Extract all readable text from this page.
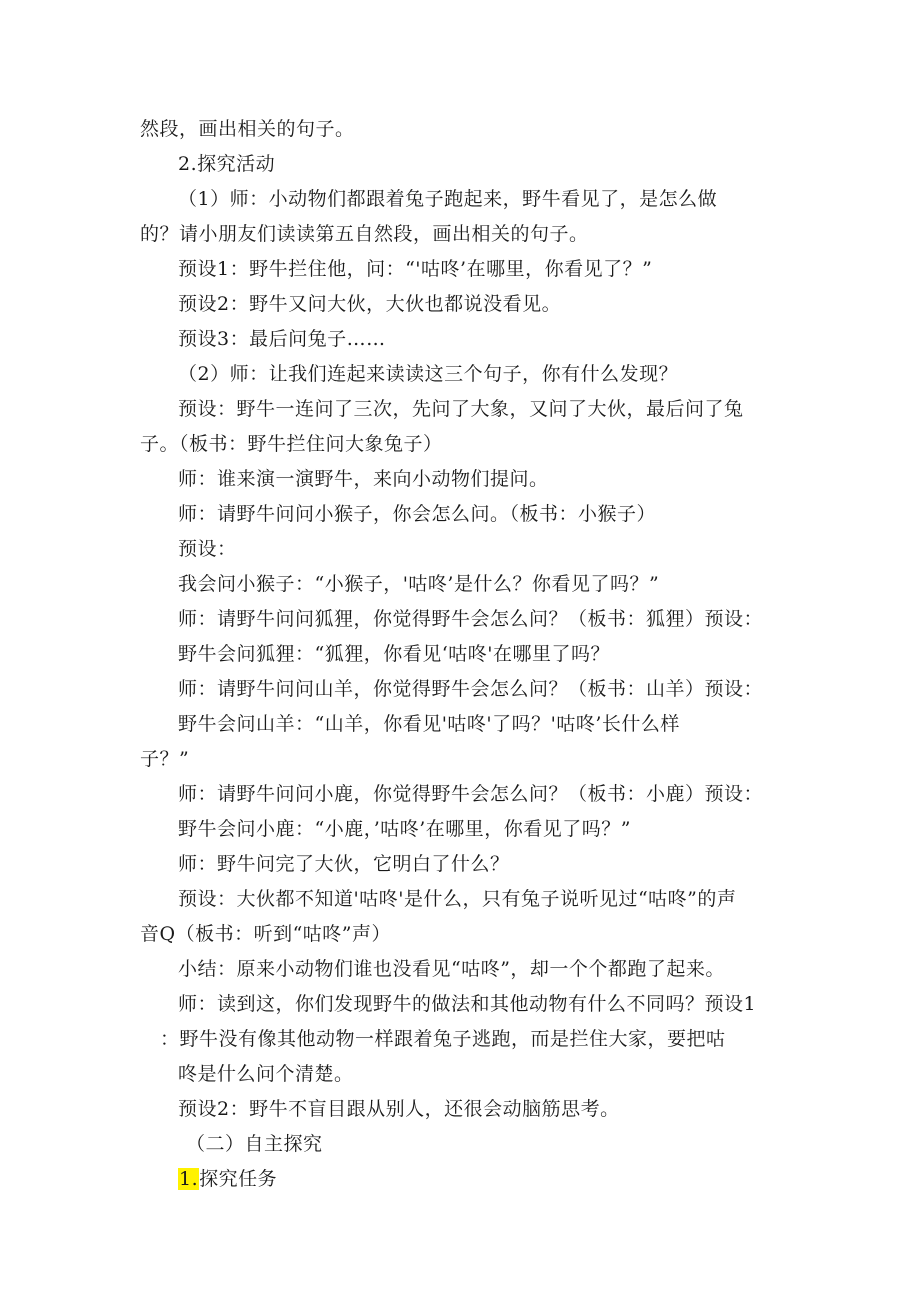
然段，画出相关的句子。
2.探究活动
（1）师：小动物们都跟着兔子跑起来，野牛看见了，是怎么做
的？请小朋友们读读第五自然段，画出相关的句子。
预设1：野牛拦住他，问：“'咕咚’在哪里，你看见了？”
预设2：野牛又问大伙，大伙也都说没看见。
预设3：最后问兔子……
（2）师：让我们连起来读读这三个句子，你有什么发现？
预设：野牛一连问了三次，先问了大象，又问了大伙，最后问了兔
子。（板书：野牛拦住问大象兔子）
师：谁来演一演野牛，来向小动物们提问。
师：请野牛问问小猴子，你会怎么问。（板书：小猴子）
预设：
我会问小猴子：“小猴子，'咕咚’是什么？你看见了吗？”
师：请野牛问问狐狸，你觉得野牛会怎么问？（板书：狐狸）预设：
野牛会问狐狸：“狐狸，你看见‘咕咚'在哪里了吗？
师：请野牛问问山羊，你觉得野牛会怎么问？（板书：山羊）预设：
野牛会问山羊：“山羊，你看见'咕咚'了吗？'咕咚’长什么样
子？”
师：请野牛问问小鹿，你觉得野牛会怎么问？（板书：小鹿）预设：
野牛会问小鹿：“小鹿，’咕咚’在哪里，你看见了吗？”
师：野牛问完了大伙，它明白了什么？
预设：大伙都不知道'咕咚'是什么，只有兔子说听见过“咕咚”的声
音Q（板书：听到“咕咚”声）
小结：原来小动物们谁也没看见“咕咚”，却一个个都跑了起来。
师：读到这，你们发现野牛的做法和其他动物有什么不同吗？预设1
：野牛没有像其他动物一样跟着兔子逃跑，而是拦住大家，要把咕
咚是什么问个清楚。
预设2：野牛不盲目跟从别人，还很会动脑筋思考。
（二）自主探究
1.探究任务
